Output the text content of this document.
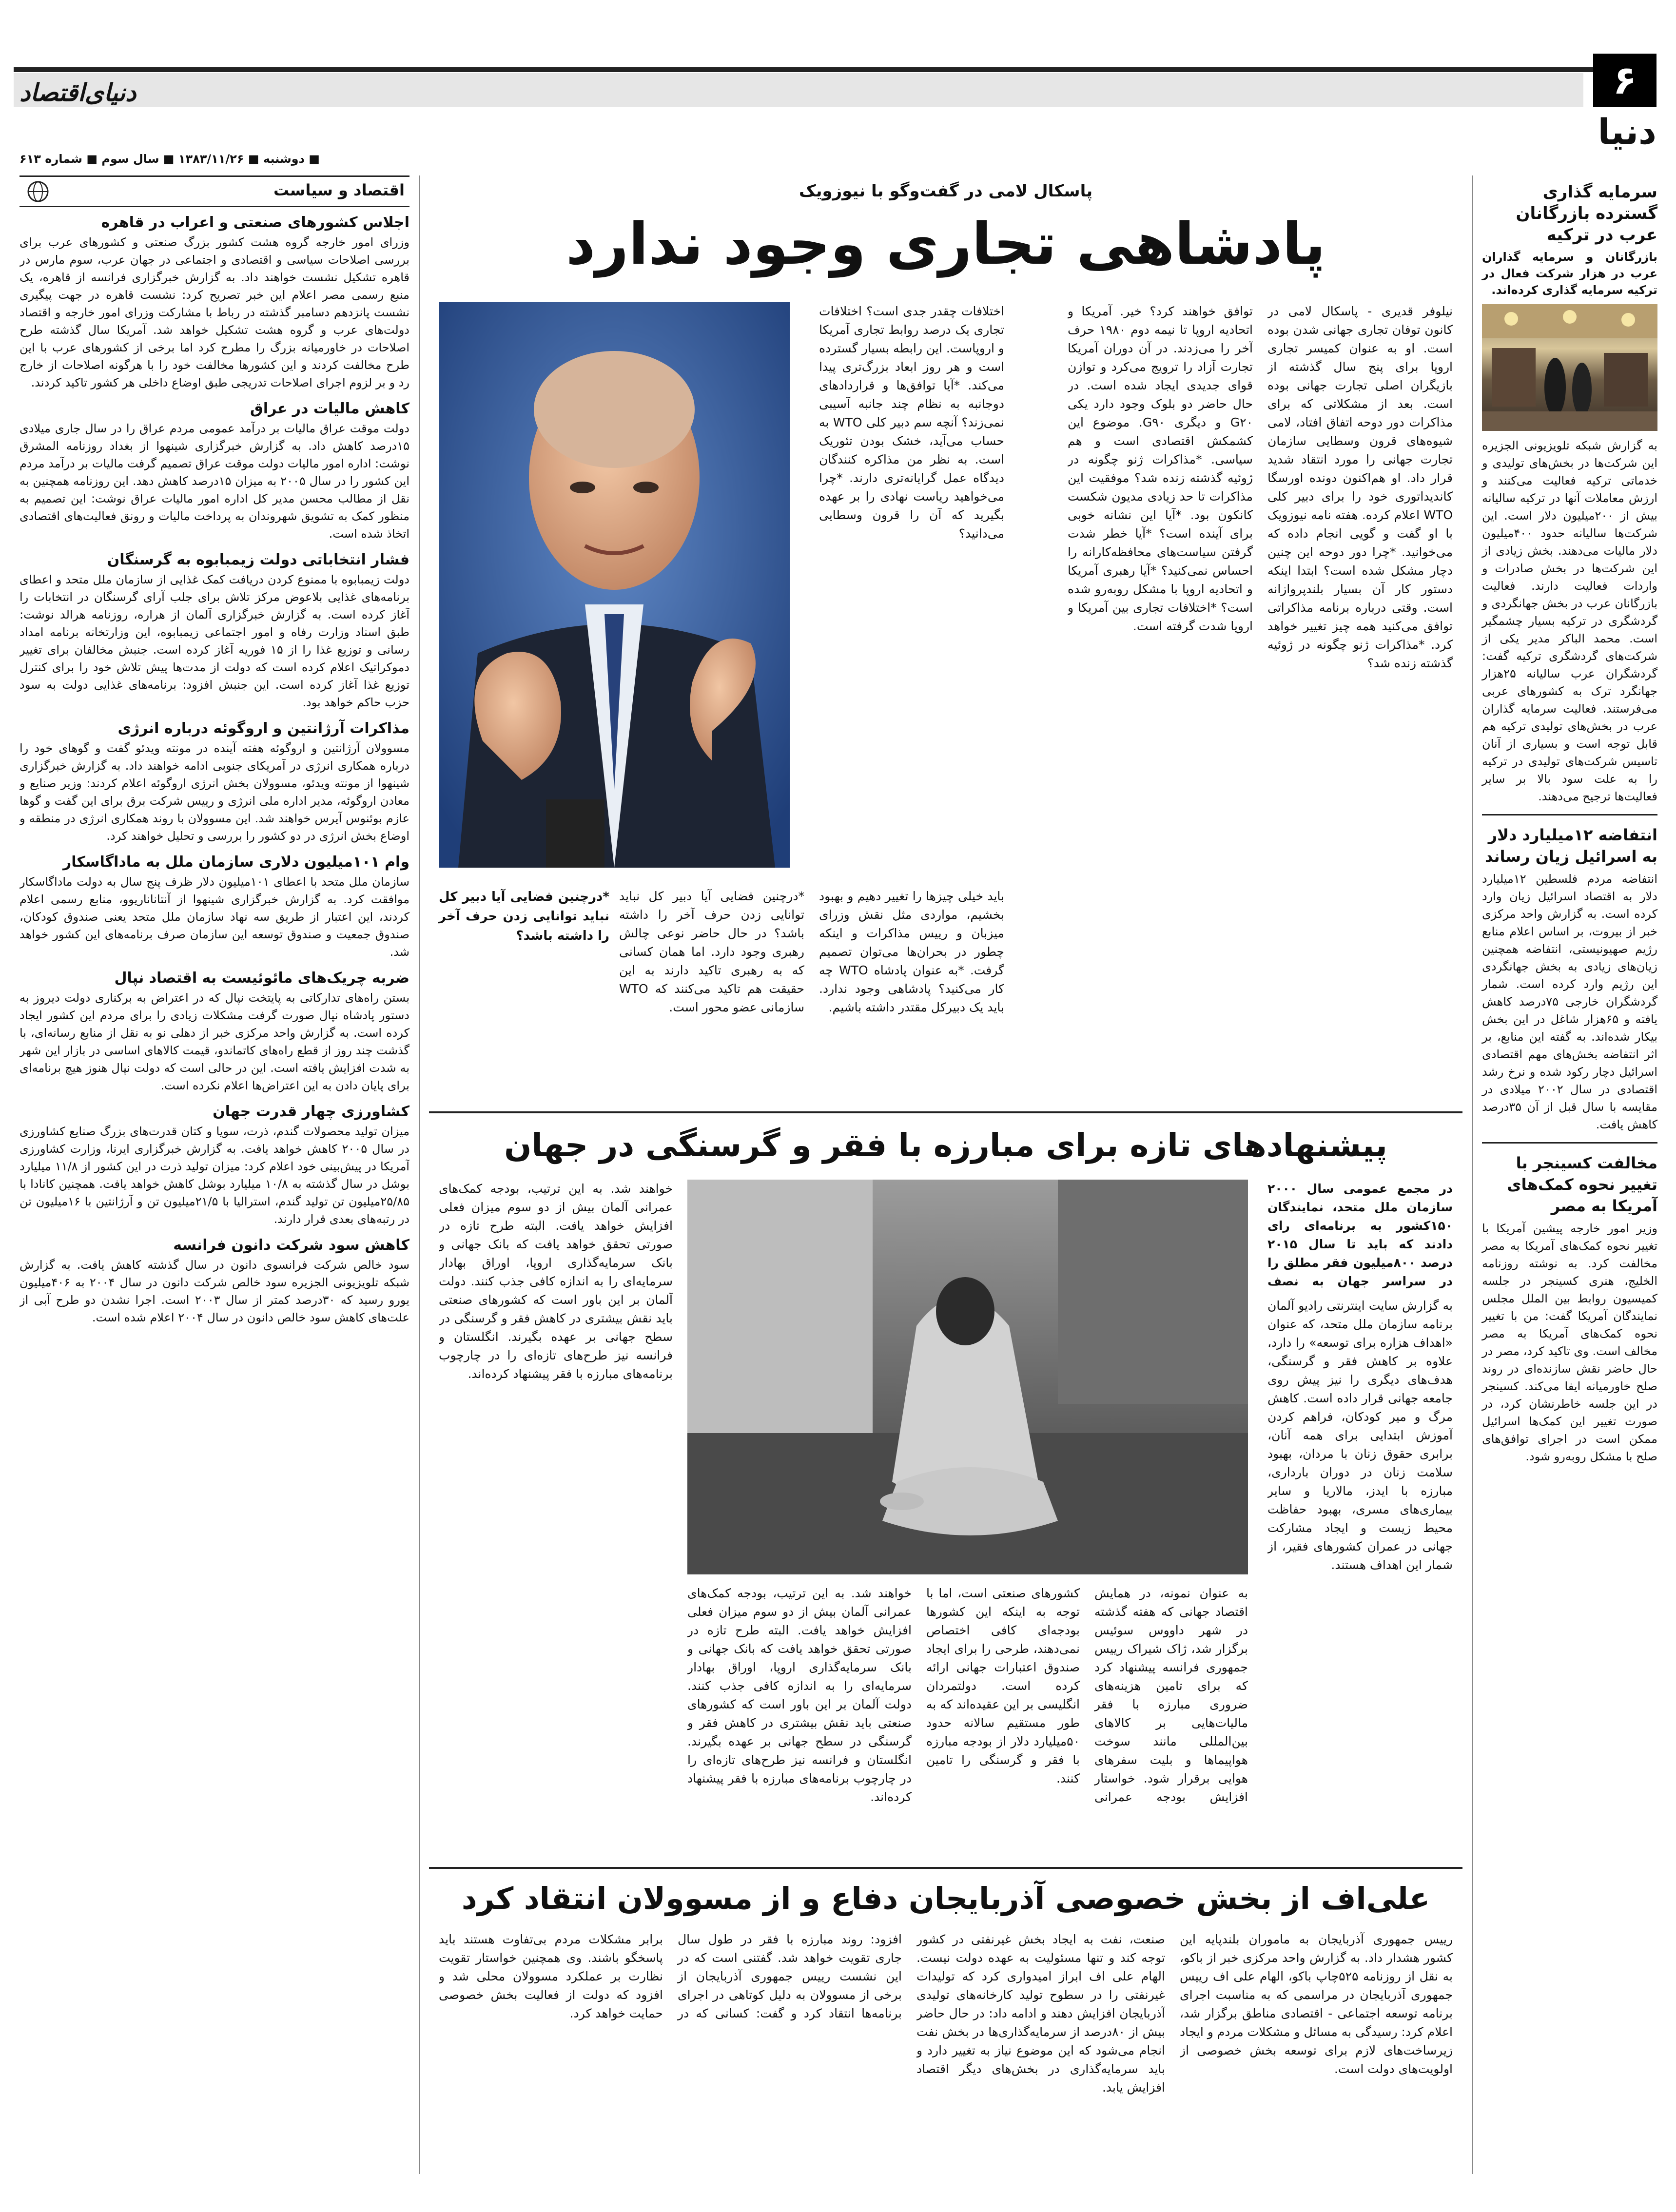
۶
دنیای‌اقتصاد
دنیا
■ دوشنبه ■ ۱۳۸۳/۱۱/۲۶ ■ سال سوم ■ شماره ۶۱۳
اقتصاد و سیاست
اجلاس کشورهای صنعتی و اعراب در قاهره
وزرای امور خارجه گروه هشت کشور بزرگ صنعتی و کشورهای عرب برای بررسی اصلاحات سیاسی و اقتصادی و اجتماعی در جهان عرب، سوم مارس در قاهره تشکیل نشست خواهند داد. به گزارش خبرگزاری فرانسه از قاهره، یک منبع رسمی مصر اعلام این خبر تصریح کرد: نشست قاهره در جهت پیگیری نشست پانزدهم دسامبر گذشته در رباط با مشارکت وزرای امور خارجه و اقتصاد دولت‌های عرب و گروه هشت تشکیل خواهد شد. آمریکا سال گذشته طرح اصلاحات در خاورمیانه بزرگ را مطرح کرد اما برخی از کشورهای عرب با این طرح مخالفت کردند و این کشورها مخالفت خود را با هرگونه اصلاحات از خارج رد و بر لزوم اجرای اصلاحات تدریجی طبق اوضاع داخلی هر کشور تاکید کردند.
کاهش مالیات در عراق
دولت موقت عراق مالیات بر درآمد عمومی مردم عراق را در سال جاری میلادی ۱۵درصد کاهش داد. به گزارش خبرگزاری شینهوا از بغداد روزنامه المشرق نوشت: اداره امور مالیات دولت موقت عراق تصمیم گرفت مالیات بر درآمد مردم این کشور را در سال ۲۰۰۵ به میزان ۱۵درصد کاهش دهد. این روزنامه همچنین به نقل از مطالب محسن مدیر کل اداره امور مالیات عراق نوشت: این تصمیم به منظور کمک به تشویق شهروندان به پرداخت مالیات و رونق فعالیت‌های اقتصادی اتخاذ شده است.
فشار انتخاباتی دولت زیمبابوه به گرسنگان
دولت زیمبابوه با ممنوع کردن دریافت کمک غذایی از سازمان ملل متحد و اعطای برنامه‌های غذایی بلاعوض مرکز تلاش برای جلب آرای گرسنگان در انتخابات را آغاز کرده است. به گزارش خبرگزاری آلمان از هراره، روزنامه هرالد نوشت: طبق اسناد وزارت رفاه و امور اجتماعی زیمبابوه، این وزارتخانه برنامه امداد رسانی و توزیع غذا را از ۱۵ فوریه آغاز کرده است. جنبش مخالفان برای تغییر دموکراتیک اعلام کرده است که دولت از مدت‌ها پیش تلاش خود را برای کنترل توزیع غذا آغاز کرده است. این جنبش افزود: برنامه‌های غذایی دولت به سود حزب حاکم خواهد بود.
مذاکرات آرژانتین و اروگوئه درباره انرژی
مسوولان آرژانتین و اروگوئه هفته آینده در مونته ویدئو گفت و گوهای خود را درباره همکاری انرژی در آمریکای جنوبی ادامه خواهند داد. به گزارش خبرگزاری شینهوا از مونته ویدئو، مسوولان بخش انرژی اروگوئه اعلام کردند: وزیر صنایع و معادن اروگوئه، مدیر اداره ملی انرژی و رییس شرکت برق برای این گفت و گوها عازم بوئنوس آیرس خواهند شد. این مسوولان با روند همکاری انرژی در منطقه و اوضاع بخش انرژی در دو کشور را بررسی و تحلیل خواهند کرد.
وام ۱۰۱میلیون دلاری سازمان ملل به ماداگاسکار
سازمان ملل متحد با اعطای ۱۰۱میلیون دلار ظرف پنج سال به دولت ماداگاسکار موافقت کرد. به گزارش خبرگزاری شینهوا از آنتاناناریوو، منابع رسمی اعلام کردند، این اعتبار از طریق سه نهاد سازمان ملل متحد یعنی صندوق کودکان، صندوق جمعیت و صندوق توسعه این سازمان صرف برنامه‌های این کشور خواهد شد.
ضربه چریک‌های مائوئیست به اقتصاد نپال
بستن راه‌های تدارکاتی به پایتخت نپال که در اعتراض به برکناری دولت دیروز به دستور پادشاه نپال صورت گرفت مشکلات زیادی را برای مردم این کشور ایجاد کرده است. به گزارش واحد مرکزی خبر از دهلی نو به نقل از منابع رسانه‌ای، با گذشت چند روز از قطع راه‌های کاتماندو، قیمت کالاهای اساسی در بازار این شهر به شدت افزایش یافته است. این در حالی است که دولت نپال هنوز هیچ برنامه‌ای برای پایان دادن به این اعتراض‌ها اعلام نکرده است.
کشاورزی چهار قدرت جهان
میزان تولید محصولات گندم، ذرت، سویا و کتان قدرت‌های بزرگ صنایع کشاورزی در سال ۲۰۰۵ کاهش خواهد یافت. به گزارش خبرگزاری ایرنا، وزارت کشاورزی آمریکا در پیش‌بینی خود اعلام کرد: میزان تولید ذرت در این کشور از ۱۱/۸ میلیارد بوشل در سال گذشته به ۱۰/۸ میلیارد بوشل کاهش خواهد یافت. همچنین کانادا با ۲۵/۸۵میلیون تن تولید گندم، استرالیا با ۲۱/۵میلیون تن و آرژانتین با ۱۶میلیون تن در رتبه‌های بعدی قرار دارند.
کاهش سود شرکت دانون فرانسه
سود خالص شرکت فرانسوی دانون در سال گذشته کاهش یافت. به گزارش شبکه تلویزیونی الجزیره سود خالص شرکت دانون در سال ۲۰۰۴ به ۴۰۶میلیون یورو رسید که ۳۰درصد کمتر از سال ۲۰۰۳ است. اجرا نشدن دو طرح آبی از علت‌های کاهش سود خالص دانون در سال ۲۰۰۴ اعلام شده است.
سرمایه گذاری گسترده بازرگانان عرب در ترکیه
بازرگانان و سرمایه گذاران عرب در هزار شرکت فعال در ترکیه سرمایه گذاری کرده‌اند.
به گزارش شبکه تلویزیونی الجزیره این شرکت‌ها در بخش‌های تولیدی و خدماتی ترکیه فعالیت می‌کنند و ارزش معاملات آنها در ترکیه سالیانه بیش از ۲۰۰میلیون دلار است. این شرکت‌ها سالیانه حدود ۴۰۰میلیون دلار مالیات می‌دهند. بخش زیادی از این شرکت‌ها در بخش صادرات و واردات فعالیت دارند. فعالیت بازرگانان عرب در بخش جهانگردی و گردشگری در ترکیه بسیار چشمگیر است. محمد الباکر مدیر یکی از شرکت‌های گردشگری ترکیه گفت: گردشگران عرب سالیانه ۲۵هزار جهانگرد ترک به کشورهای عربی می‌فرستند. فعالیت سرمایه گذاران عرب در بخش‌های تولیدی ترکیه هم قابل توجه است و بسیاری از آنان تاسیس شرکت‌های تولیدی در ترکیه را به علت سود بالا بر سایر فعالیت‌ها ترجیح می‌دهند.
انتفاضه ۱۲میلیارد دلار به اسرائیل زیان رساند
انتفاضه مردم فلسطین ۱۲میلیارد دلار به اقتصاد اسرائیل زیان وارد کرده است. به گزارش واحد مرکزی خبر از بیروت، بر اساس اعلام منابع رژیم صهیونیستی، انتفاضه همچنین زیان‌های زیادی به بخش جهانگردی این رژیم وارد کرده است. شمار گردشگران خارجی ۷۵درصد کاهش یافته و ۶۵هزار شاغل در این بخش بیکار شده‌اند. به گفته این منابع، بر اثر انتفاضه بخش‌های مهم اقتصادی اسرائیل دچار رکود شده و نرخ رشد اقتصادی در سال ۲۰۰۲ میلادی در مقایسه با سال قبل از آن ۳۵درصد کاهش یافت.
مخالفت کسینجر با تغییر نحوه کمک‌های آمریکا به مصر
وزیر امور خارجه پیشین آمریکا با تغییر نحوه کمک‌های آمریکا به مصر مخالفت کرد. به نوشته روزنامه الخلیج، هنری کسینجر در جلسه کمیسیون روابط بین الملل مجلس نمایندگان آمریکا گفت: من با تغییر نحوه کمک‌های آمریکا به مصر مخالف است. وی تاکید کرد، مصر در حال حاضر نقش سازنده‌ای در روند صلح خاورمیانه ایفا می‌کند. کسینجر در این جلسه خاطرنشان کرد، در صورت تغییر این کمک‌ها اسرائیل ممکن است در اجرای توافق‌های صلح با مشکل روبه‌رو شود.
پاسکال لامی در گفت‌وگو با نیوزویک
پادشاهی تجاری وجود ندارد
نیلوفر قدیری - پاسکال لامی در کانون توفان تجاری جهانی شدن بوده است. او به عنوان کمیسر تجاری اروپا برای پنج سال گذشته از بازیگران اصلی تجارت جهانی بوده است. بعد از مشکلاتی که برای مذاکرات دور دوحه اتفاق افتاد، لامی شیوه‌های قرون وسطایی سازمان تجارت جهانی را مورد انتقاد شدید قرار داد. او هم‌اکنون دونده اورسگا کاندیداتوری خود را برای دبیر کلی WTO اعلام کرده. هفته نامه نیوزویک با او گفت و گویی انجام داده که می‌خوانید. *چرا دور دوحه این چنین دچار مشکل شده است؟ ابتدا اینکه دستور کار آن بسیار بلندپروازانه است. وقتی درباره برنامه مذاکراتی توافق می‌کنید همه چیز تغییر خواهد کرد. *مذاکرات ژنو چگونه در ژوئیه گذشته زنده شد؟
توافق خواهند کرد؟ خیر. آمریکا و اتحادیه اروپا تا نیمه دوم ۱۹۸۰ حرف آخر را می‌زدند. در آن دوران آمریکا تجارت آزاد را ترویج می‌کرد و توازن قوای جدیدی ایجاد شده است. در حال حاضر دو بلوک وجود دارد یکی G۲۰ و دیگری G۹۰. موضوع این کشمکش اقتصادی است و هم سیاسی. *مذاکرات ژنو چگونه در ژوئیه گذشته زنده شد؟ موفقیت این مذاکرات تا حد زیادی مدیون شکست کانکون بود. *آیا این نشانه خوبی برای آینده است؟ *آیا خطر شدت گرفتن سیاست‌های محافظه‌کارانه را احساس نمی‌کنید؟ *آیا رهبری آمریکا و اتحادیه اروپا با مشکل روبه‌رو شده است؟ *اختلافات تجاری بین آمریکا و اروپا شدت گرفته است.
اختلافات چقدر جدی است؟ اختلافات تجاری یک درصد روابط تجاری آمریکا و اروپاست. این رابطه بسیار گسترده است و هر روز ابعاد بزرگ‌تری پیدا می‌کند. *آیا توافق‌ها و قراردادهای دوجانبه به نظام چند جانبه آسیبی نمی‌زند؟ آنچه سم دبیر کلی WTO به حساب می‌آید، خشک بودن تئوریک است. به نظر من مذاکره کنندگان دیدگاه عمل گرایانه‌تری دارند. *چرا می‌خواهید ریاست نهادی را بر عهده بگیرید که آن را قرون وسطایی می‌دانید؟
باید خیلی چیزها را تغییر دهیم و بهبود بخشیم، مواردی مثل نقش وزرای میزبان و رییس مذاکرات و اینکه چطور در بحران‌ها می‌توان تصمیم گرفت. *به عنوان پادشاه WTO چه کار می‌کنید؟ پادشاهی وجود ندارد. باید یک دبیرکل مقتدر داشته باشیم.
*درچنین فضایی آیا دبیر کل نباید توانایی زدن حرف آخر را داشته باشد؟ در حال حاضر نوعی چالش رهبری وجود دارد. اما همان کسانی که به رهبری تاکید دارند به این حقیقت هم تاکید می‌کنند که WTO سازمانی عضو محور است.
*درچنین فضایی آیا دبیر کل نباید توانایی زدن حرف آخر را داشته باشد؟
پیشنهادهای تازه برای مبارزه با فقر و گرسنگی در جهان
در مجمع عمومی سال ۲۰۰۰ سازمان ملل متحد، نمایندگان ۱۵۰کشور به برنامه‌ای رای دادند که باید تا سال ۲۰۱۵ درصد ۸۰۰میلیون فقر مطلق را در سراسر جهان به نصف
به گزارش سایت اینترنتی رادیو آلمان برنامه سازمان ملل متحد، که عنوان «اهداف هزاره برای توسعه» را دارد، علاوه بر کاهش فقر و گرسنگی، هدف‌های دیگری را نیز پیش روی جامعه جهانی قرار داده است. کاهش مرگ و میر کودکان، فراهم کردن آموزش ابتدایی برای همه آنان، برابری حقوق زنان با مردان، بهبود سلامت زنان در دوران بارداری، مبارزه با ایدز، مالاریا و سایر بیماری‌های مسری، بهبود حفاظت محیط زیست و ایجاد مشارکت جهانی در عمران کشورهای فقیر، از شمار این اهداف هستند.
به عنوان نمونه، در همایش اقتصاد جهانی که هفته گذشته در شهر داووس سوئیس برگزار شد، ژاک شیراک رییس جمهوری فرانسه پیشنهاد کرد که برای تامین هزینه‌های ضروری مبارزه با فقر مالیات‌هایی بر کالاهای بین‌المللی مانند سوخت هواپیماها و بلیت سفرهای هوایی برقرار شود. خواستار افزایش بودجه عمرانی کشورهای صنعتی است، اما با توجه به اینکه این کشورها بودجه‌ای کافی اختصاص نمی‌دهند، طرحی را برای ایجاد صندوق اعتبارات جهانی ارائه کرده است. دولتمردان انگلیسی بر این عقیده‌اند که به طور مستقیم سالانه حدود ۵۰میلیارد دلار از بودجه مبارزه با فقر و گرسنگی را تامین کنند.
خواهند شد. به این ترتیب، بودجه کمک‌های عمرانی آلمان بیش از دو سوم میزان فعلی افزایش خواهد یافت. البته طرح تازه در صورتی تحقق خواهد یافت که بانک جهانی و بانک سرمایه‌گذاری اروپا، اوراق بهادار سرمایه‌ای را به اندازه کافی جذب کنند. دولت آلمان بر این باور است که کشورهای صنعتی باید نقش بیشتری در کاهش فقر و گرسنگی در سطح جهانی بر عهده بگیرند. انگلستان و فرانسه نیز طرح‌های تازه‌ای را در چارچوب برنامه‌های مبارزه با فقر پیشنهاد کرده‌اند.
خواهند شد. به این ترتیب، بودجه کمک‌های عمرانی آلمان بیش از دو سوم میزان فعلی افزایش خواهد یافت. البته طرح تازه در صورتی تحقق خواهد یافت که بانک جهانی و بانک سرمایه‌گذاری اروپا، اوراق بهادار سرمایه‌ای را به اندازه کافی جذب کنند. دولت آلمان بر این باور است که کشورهای صنعتی باید نقش بیشتری در کاهش فقر و گرسنگی در سطح جهانی بر عهده بگیرند. انگلستان و فرانسه نیز طرح‌های تازه‌ای را در چارچوب برنامه‌های مبارزه با فقر پیشنهاد کرده‌اند.
علی‌اف از بخش خصوصی آذربایجان دفاع و از مسوولان انتقاد کرد
رییس جمهوری آذربایجان به ماموران بلندپایه این کشور هشدار داد. به گزارش واحد مرکزی خبر از باکو، به نقل از روزنامه ۵۲۵چاپ باکو، الهام علی اف رییس جمهوری آذربایجان در مراسمی که به مناسبت اجرای برنامه توسعه اجتماعی - اقتصادی مناطق برگزار شد، اعلام کرد: رسیدگی به مسائل و مشکلات مردم و ایجاد زیرساخت‌های لازم برای توسعه بخش خصوصی از اولویت‌های دولت است.
صنعت، نفت به ایجاد بخش غیرنفتی در کشور توجه کند و تنها مسئولیت به عهده دولت نیست. الهام علی اف ابراز امیدواری کرد که تولیدات غیرنفتی را در سطوح تولید کارخانه‌های تولیدی آذربایجان افزایش دهند و ادامه داد: در حال حاضر بیش از ۸۰درصد از سرمایه‌گذاری‌ها در بخش نفت انجام می‌شود که این موضوع نیاز به تغییر دارد و باید سرمایه‌گذاری در بخش‌های دیگر اقتصاد افزایش یابد.
افزود: روند مبارزه با فقر در طول سال جاری تقویت خواهد شد. گفتنی است که در این نشست رییس جمهوری آذربایجان از برخی از مسوولان به دلیل کوتاهی در اجرای برنامه‌ها انتقاد کرد و گفت: کسانی که در برابر مشکلات مردم بی‌تفاوت هستند باید پاسخگو باشند. وی همچنین خواستار تقویت نظارت بر عملکرد مسوولان محلی شد و افزود که دولت از فعالیت بخش خصوصی حمایت خواهد کرد.
